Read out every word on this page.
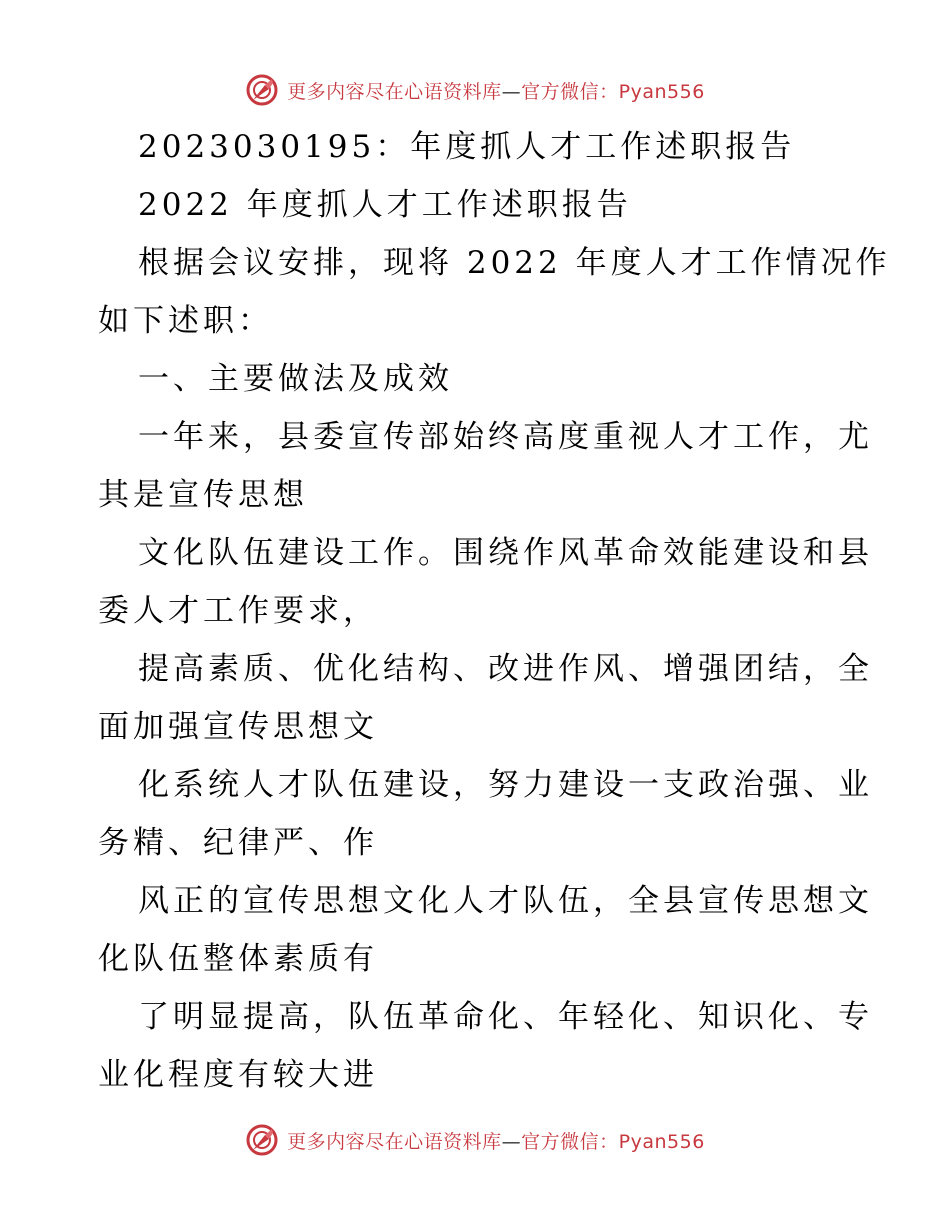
更多内容尽在心语资料库—官方微信：Pyan556

2023030195：年度抓人才工作述职报告

2022 年度抓人才工作述职报告

根据会议安排，现将 2022 年度人才工作情况作

如下述职：

一、主要做法及成效

一年来，县委宣传部始终高度重视人才工作，尤

其是宣传思想

文化队伍建设工作。围绕作风革命效能建设和县

委人才工作要求，

提高素质、优化结构、改进作风、增强团结，全

面加强宣传思想文

化系统人才队伍建设，努力建设一支政治强、业

务精、纪律严、作

风正的宣传思想文化人才队伍，全县宣传思想文

化队伍整体素质有

了明显提高，队伍革命化、年轻化、知识化、专

业化程度有较大进

更多内容尽在心语资料库—官方微信：Pyan556
